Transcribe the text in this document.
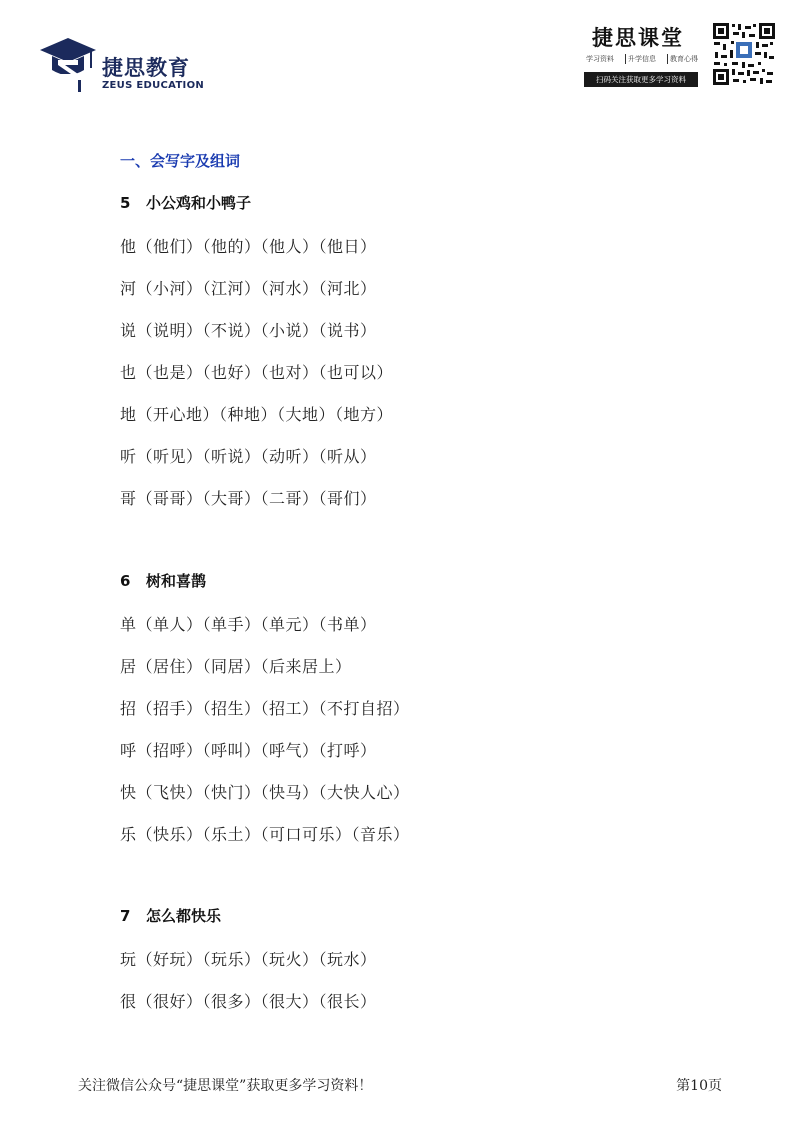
捷思教育
ZEUS EDUCATION
捷思课堂
学习资料	升学信息	教育心得
扫码关注获取更多学习资料
一、会写字及组词
5 小公鸡和小鸭子
他（他们）（他的）（他人）（他日）
河（小河）（江河）（河水）（河北）
说（说明）（不说）（小说）（说书）
也（也是）（也好）（也对）（也可以）
地（开心地）（种地）（大地）（地方）
听（听见）（听说）（动听）（听从）
哥（哥哥）（大哥）（二哥）（哥们）
6 树和喜鹊
单（单人）（单手）（单元）（书单）
居（居住）（同居）（后来居上）
招（招手）（招生）（招工）（不打自招）
呼（招呼）（呼叫）（呼气）（打呼）
快（飞快）（快门）（快马）（大快人心）
乐（快乐）（乐土）（可口可乐）（音乐）
7 怎么都快乐
玩（好玩）（玩乐）（玩火）（玩水）
很（很好）（很多）（很大）（很长）
关注微信公众号“捷思课堂”获取更多学习资料！	第10页
